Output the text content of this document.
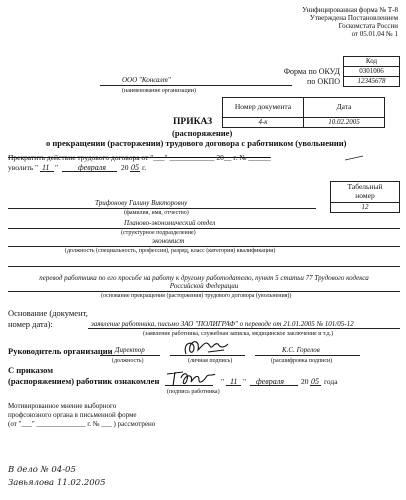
Унифицированная форма № Т-8
Утверждена Постановлением
Госкомстата России
от 05.01.04 № 1
Код
0301006
12345678
Форма по ОКУД
по ОКПО
ООО "Консалт"
(наименование организации)
Номер документа	Дата
4-к	10.02.2005
ПРИКАЗ
(распоряжение)
о прекращении (расторжении) трудового договора с работником (увольнении)
Прекратить действие трудового договора от "___" ____________ 20__ г. № ______
уволить " 11 " февраля 20 05 г.
Трифонову Галину Викторовну
(фамилия, имя, отчество)
Табельный номер
12
Планово-экономический отдел
(структурное подразделение)
экономист
(должность (специальность, профессия), разряд, класс (категория) квалификации)
перевод работника по его просьбе на работу к другому работодателю, пункт 5 статьи 77 Трудового кодекса
Российской Федерации
(основание прекращения (расторжения) трудового договора (увольнения))
Основание (документ,
номер дата):	заявление работника, письмо ЗАО "ПОЛИГРАФ" о переводе от 21.01.2005 № 101/05-12
(заявление работника, служебная записка, медицинское заключение и т.д.)
Руководитель организации Директор
(должность)	(личная подпись)
К.С. Горелов
(расшифровка подписи)
С приказом
(распоряжением) работник ознакомлен
(подпись работника)
" 11 " февраля 20 05 года
Мотивированное мнение выборного
профсоюзного органа в письменной форме
(от "___" ______________ г. № ___ ) рассмотрено
В дело № 04-05
Завьялова 11.02.2005
